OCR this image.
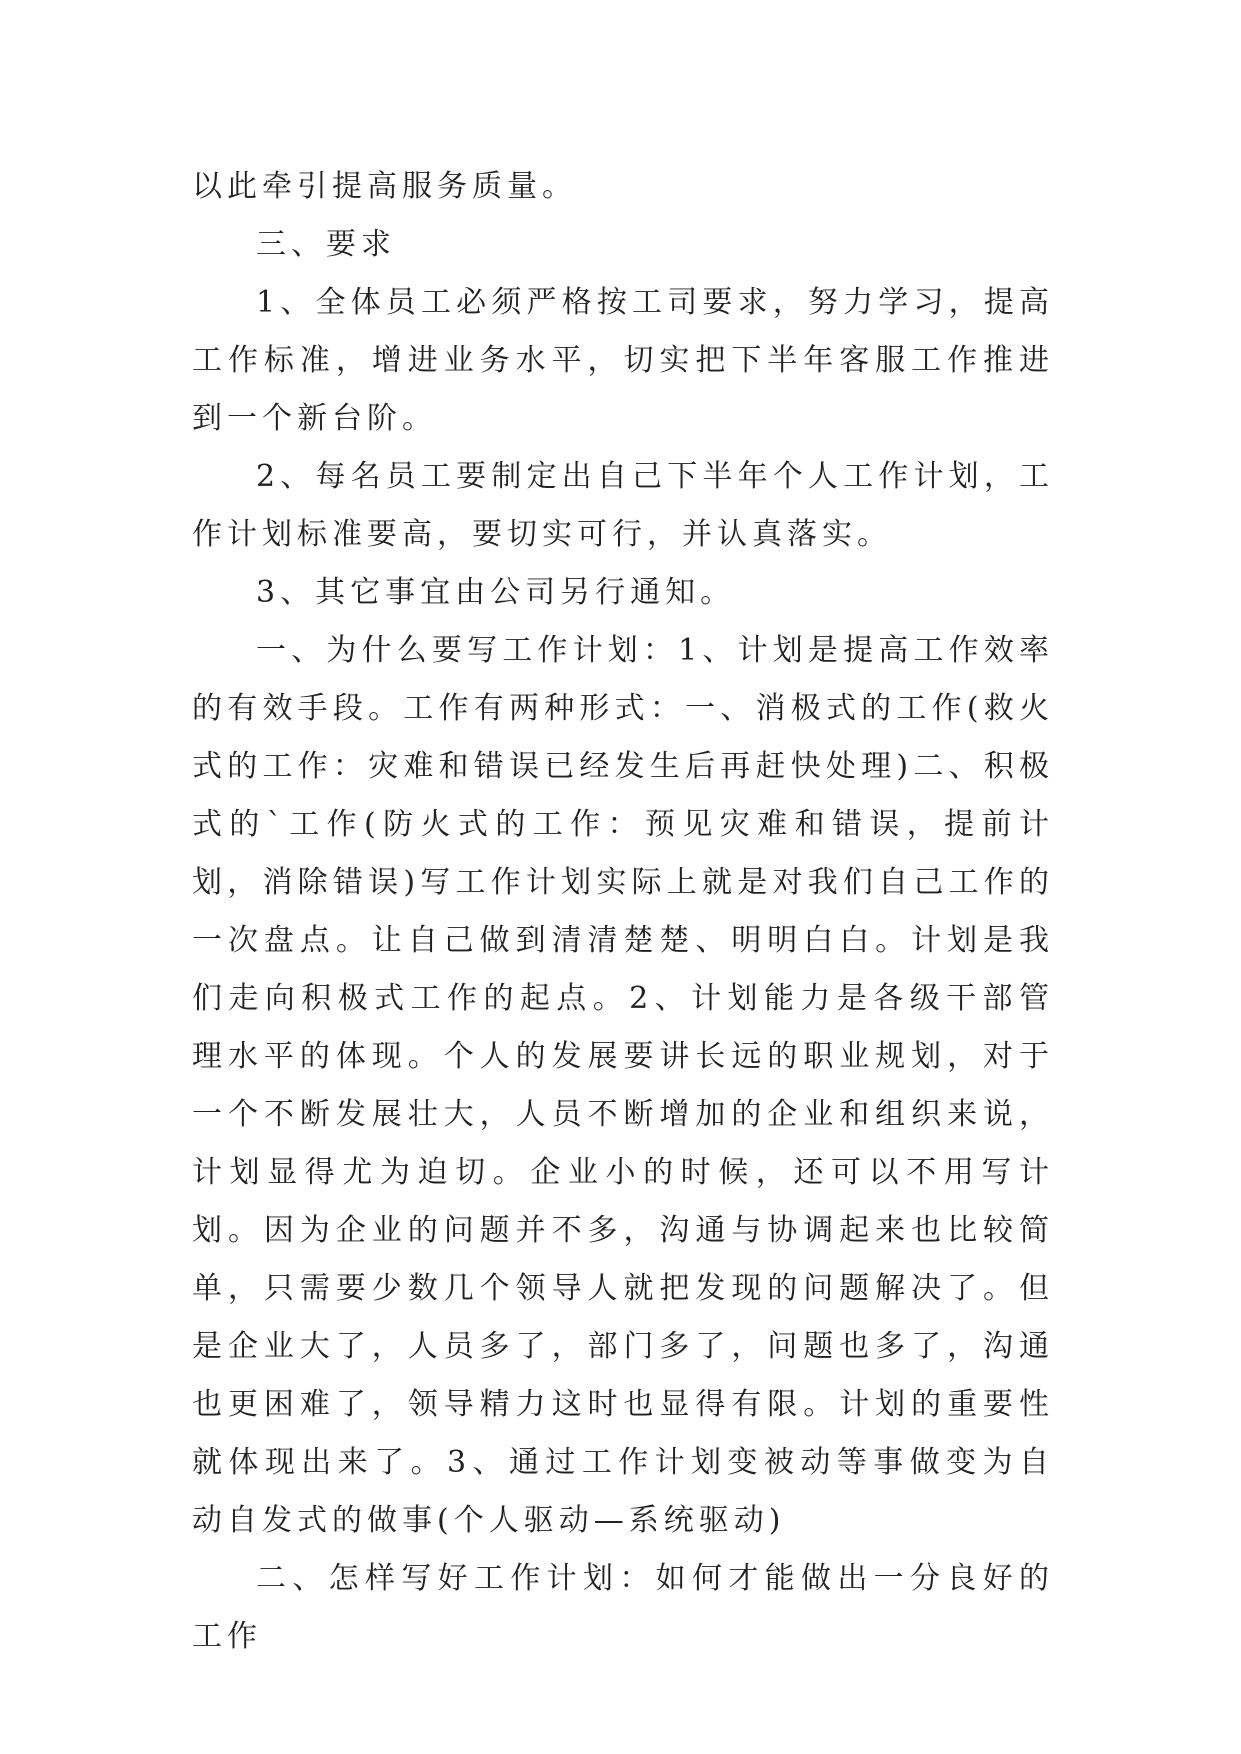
以此牵引提高服务质量。

三、要求

1、全体员工必须严格按工司要求，努力学习，提高工作标准，增进业务水平，切实把下半年客服工作推进到一个新台阶。

2、每名员工要制定出自己下半年个人工作计划，工作计划标准要高，要切实可行，并认真落实。

3、其它事宜由公司另行通知。

一、为什么要写工作计划：1、计划是提高工作效率的有效手段。工作有两种形式：一、消极式的工作(救火式的工作：灾难和错误已经发生后再赶快处理)二、积极式的`工作(防火式的工作：预见灾难和错误，提前计划，消除错误)写工作计划实际上就是对我们自己工作的一次盘点。让自己做到清清楚楚、明明白白。计划是我们走向积极式工作的起点。2、计划能力是各级干部管理水平的体现。个人的发展要讲长远的职业规划，对于一个不断发展壮大，人员不断增加的企业和组织来说，计划显得尤为迫切。企业小的时候，还可以不用写计划。因为企业的问题并不多，沟通与协调起来也比较简单，只需要少数几个领导人就把发现的问题解决了。但是企业大了，人员多了，部门多了，问题也多了，沟通也更困难了，领导精力这时也显得有限。计划的重要性就体现出来了。3、通过工作计划变被动等事做变为自动自发式的做事(个人驱动—系统驱动)

二、怎样写好工作计划：如何才能做出一分良好的工作
